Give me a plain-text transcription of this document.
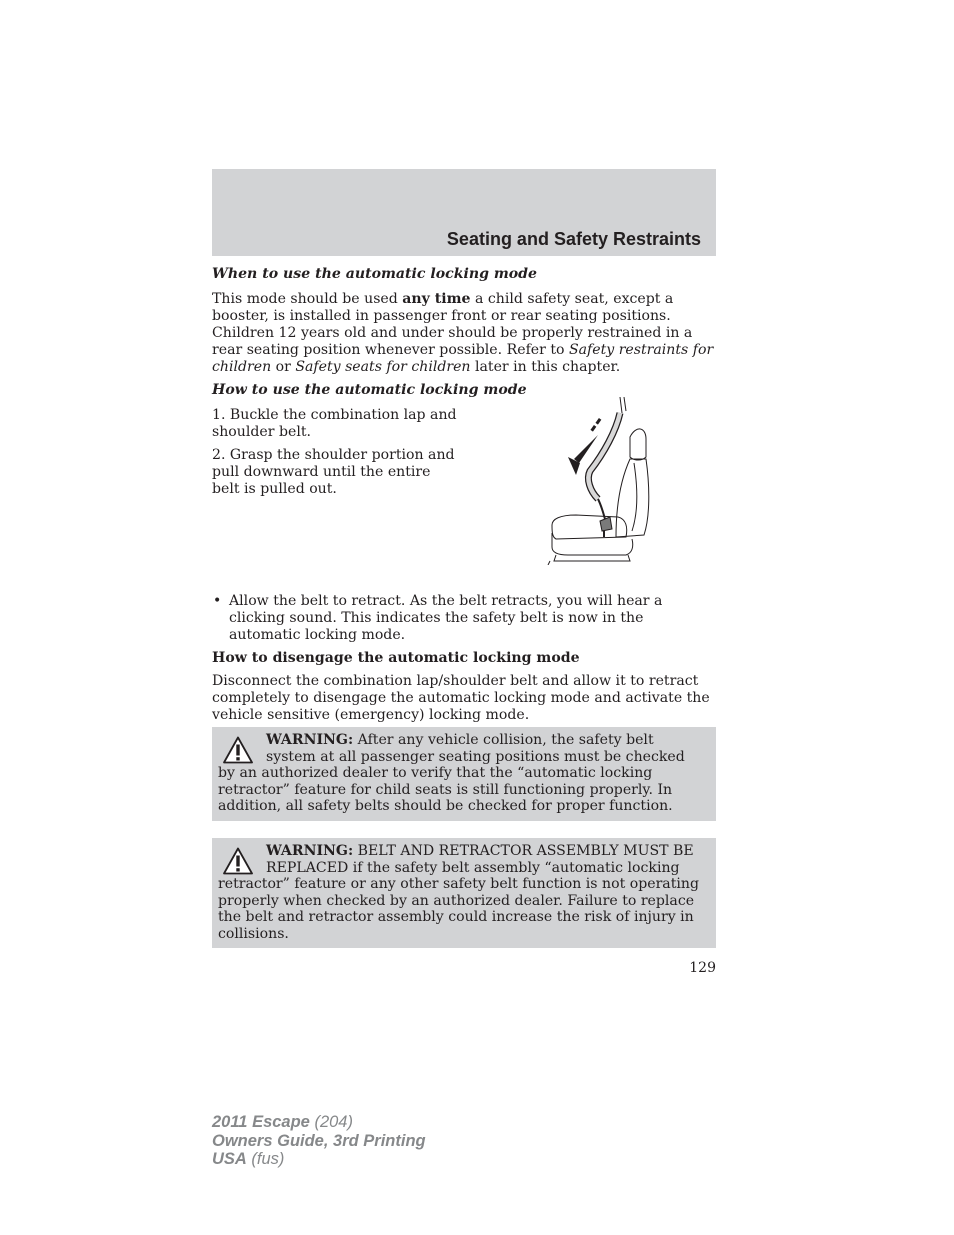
Seating and Safety Restraints
When to use the automatic locking mode

This mode should be used any time a child safety seat, except a booster, is installed in passenger front or rear seating positions. Children 12 years old and under should be properly restrained in a rear seating position whenever possible. Refer to Safety restraints for children or Safety seats for children later in this chapter.

How to use the automatic locking mode

1. Buckle the combination lap and shoulder belt.

2. Grasp the shoulder portion and pull downward until the entire belt is pulled out.

• Allow the belt to retract. As the belt retracts, you will hear a clicking sound. This indicates the safety belt is now in the automatic locking mode.
How to disengage the automatic locking mode

Disconnect the combination lap/shoulder belt and allow it to retract completely to disengage the automatic locking mode and activate the vehicle sensitive (emergency) locking mode.

WARNING: After any vehicle collision, the safety belt system at all passenger seating positions must be checked by an authorized dealer to verify that the “automatic locking retractor” feature for child seats is still functioning properly. In addition, all safety belts should be checked for proper function.
WARNING: BELT AND RETRACTOR ASSEMBLY MUST BE REPLACED if the safety belt assembly “automatic locking retractor” feature or any other safety belt function is not operating properly when checked by an authorized dealer. Failure to replace the belt and retractor assembly could increase the risk of injury in collisions.
129
2011 Escape (204)
Owners Guide, 3rd Printing
USA (fus)
